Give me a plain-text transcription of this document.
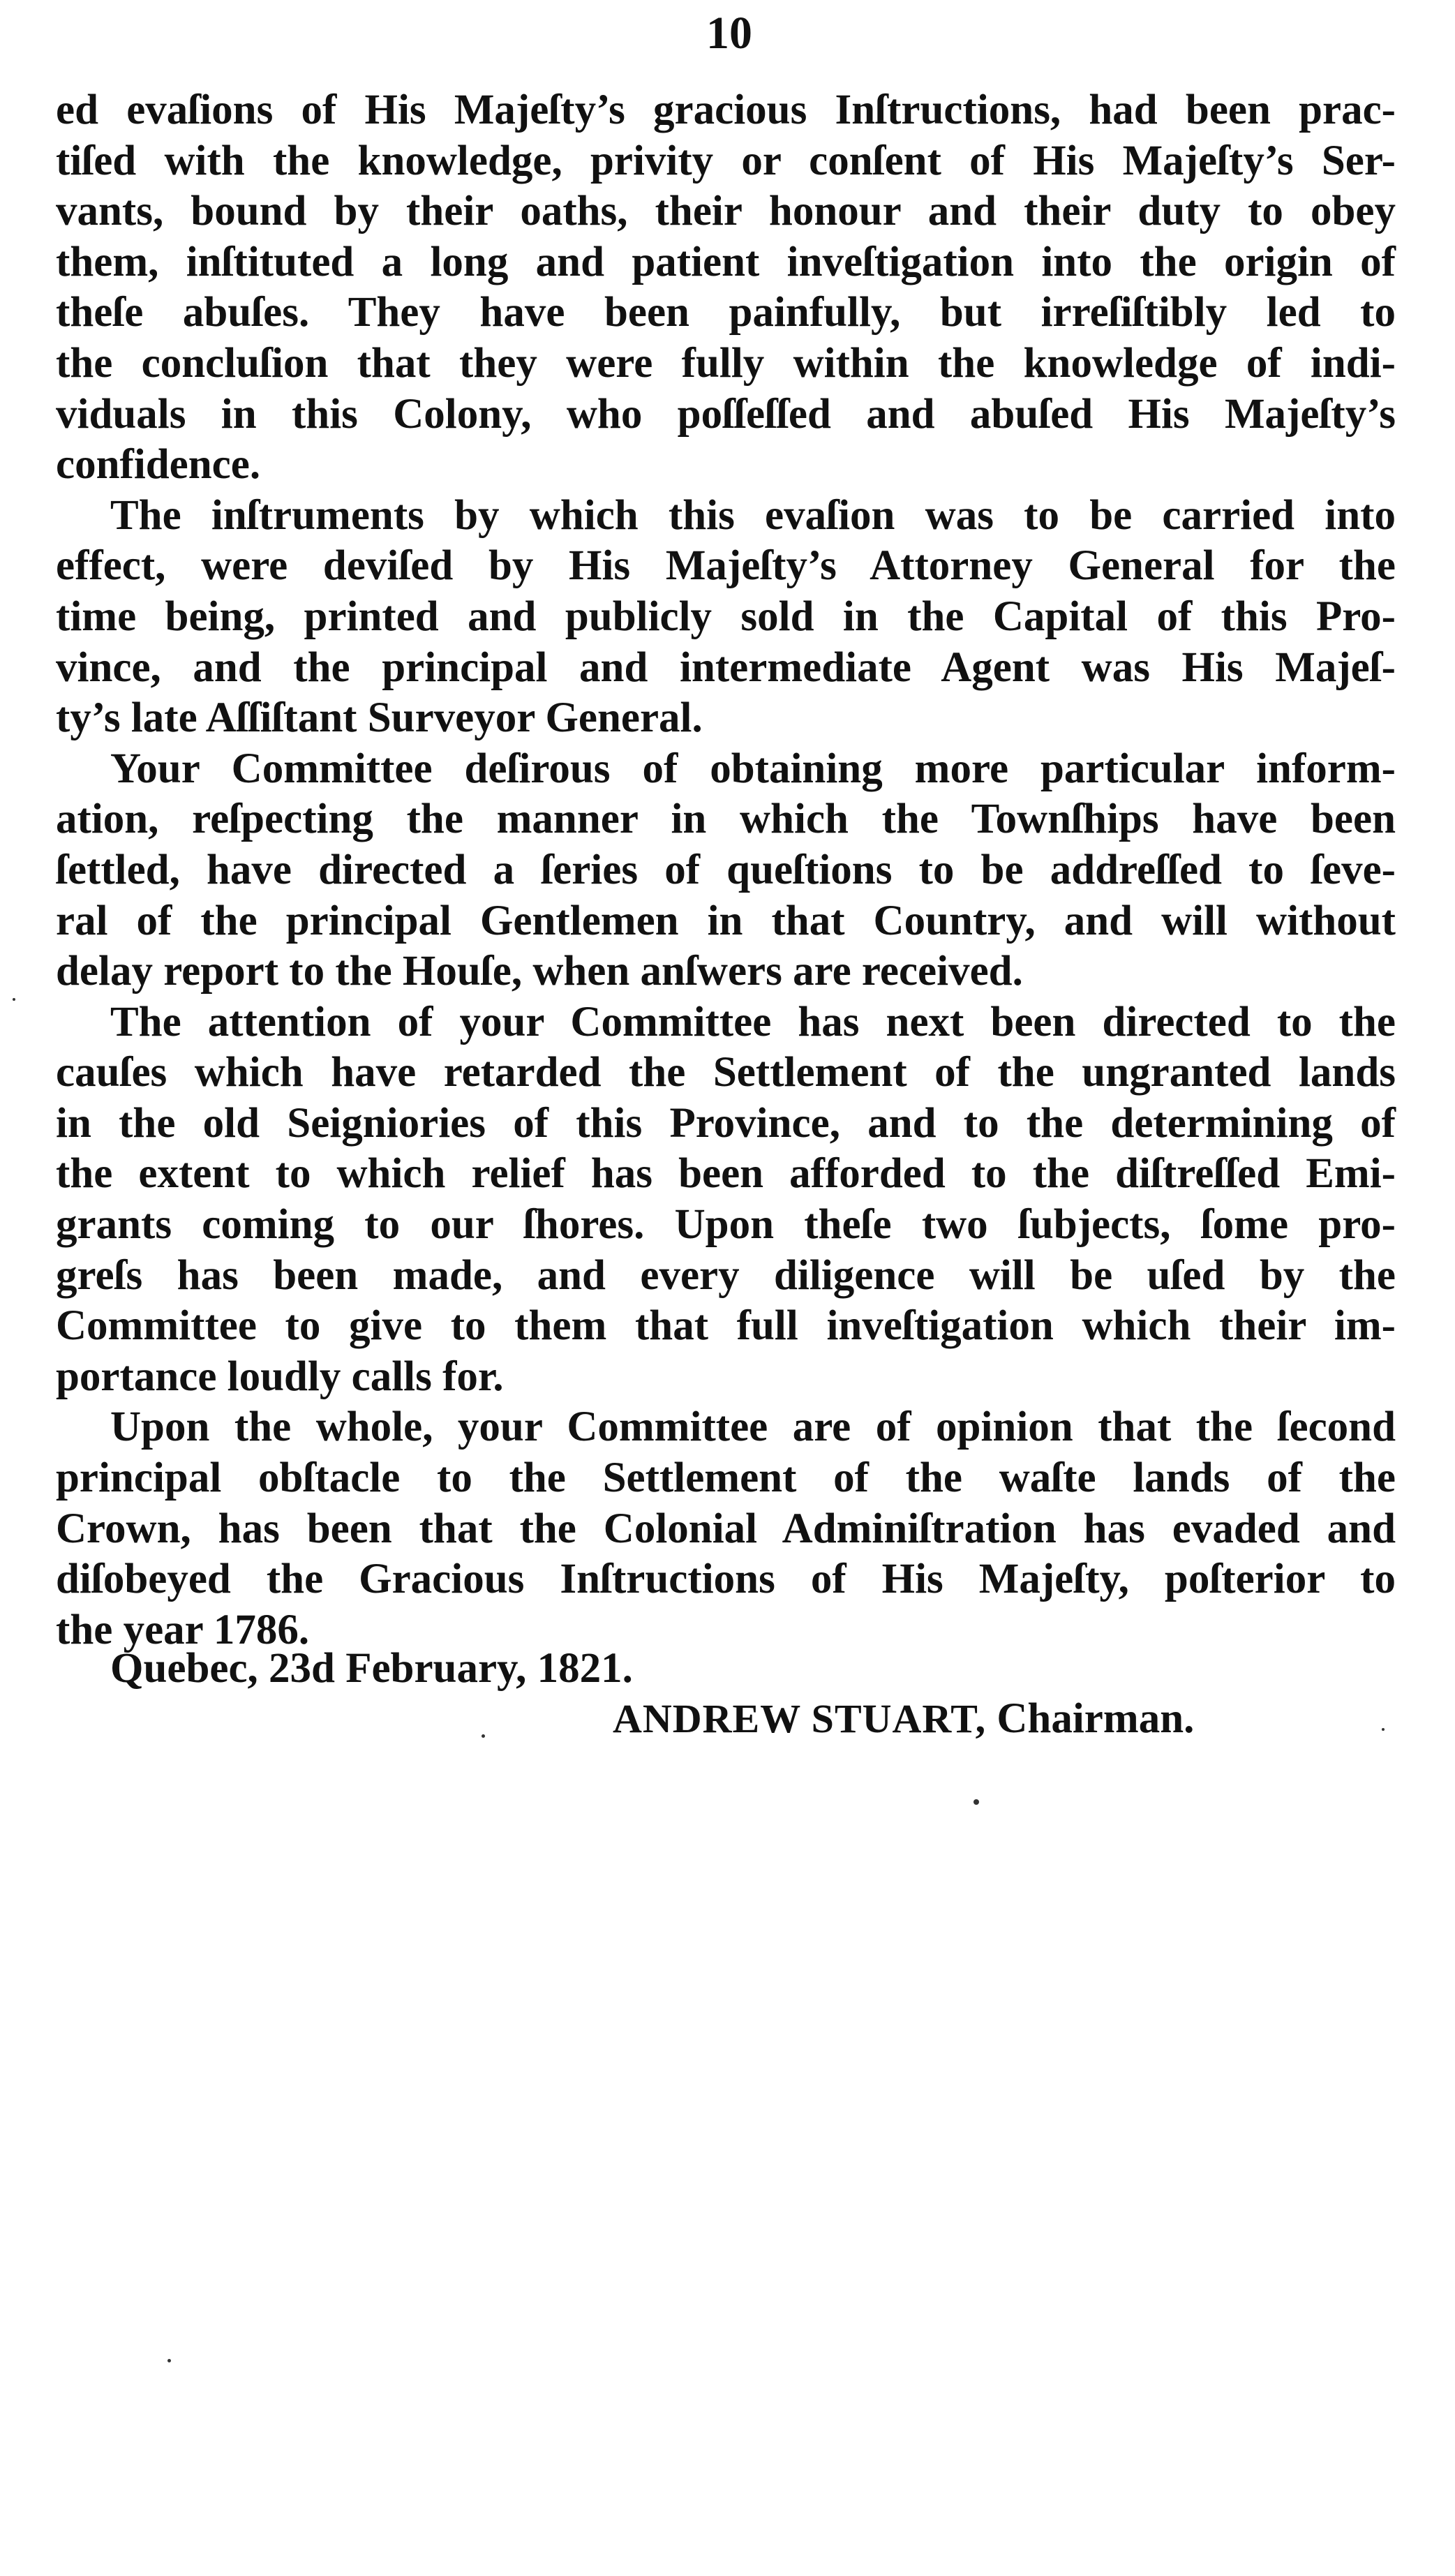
10
ed evaſions of His Majeſty’s gracious Inſtructions, had been prac-
tiſed with the knowledge, privity or conſent of His Majeſty’s Ser-
vants, bound by their oaths, their honour and their duty to obey
them, inſtituted a long and patient inveſtigation into the origin of
theſe abuſes. They have been painfully, but irreſiſtibly led to
the concluſion that they were fully within the knowledge of indi-
viduals in this Colony, who poſſeſſed and abuſed His Majeſty’s
confidence.
The inſtruments by which this evaſion was to be carried into
effect, were deviſed by His Majeſty’s Attorney General for the
time being, printed and publicly sold in the Capital of this Pro-
vince, and the principal and intermediate Agent was His Majeſ-
ty’s late Aſſiſtant Surveyor General.
Your Committee deſirous of obtaining more particular inform-
ation, reſpecting the manner in which the Townſhips have been
ſettled, have directed a ſeries of queſtions to be addreſſed to ſeve-
ral of the principal Gentlemen in that Country, and will without
delay report to the Houſe, when anſwers are received.
The attention of your Committee has next been directed to the
cauſes which have retarded the Settlement of the ungranted lands
in the old Seigniories of this Province, and to the determining of
the extent to which relief has been afforded to the diſtreſſed Emi-
grants coming to our ſhores. Upon theſe two ſubjects, ſome pro-
greſs has been made, and every diligence will be uſed by the
Committee to give to them that full inveſtigation which their im-
portance loudly calls for.
Upon the whole, your Committee are of opinion that the ſecond
principal obſtacle to the Settlement of the waſte lands of the
Crown, has been that the Colonial Adminiſtration has evaded and
diſobeyed the Gracious Inſtructions of His Majeſty, poſterior to
the year 1786.
Quebec, 23d February, 1821.
ANDREW STUART, Chairman.
